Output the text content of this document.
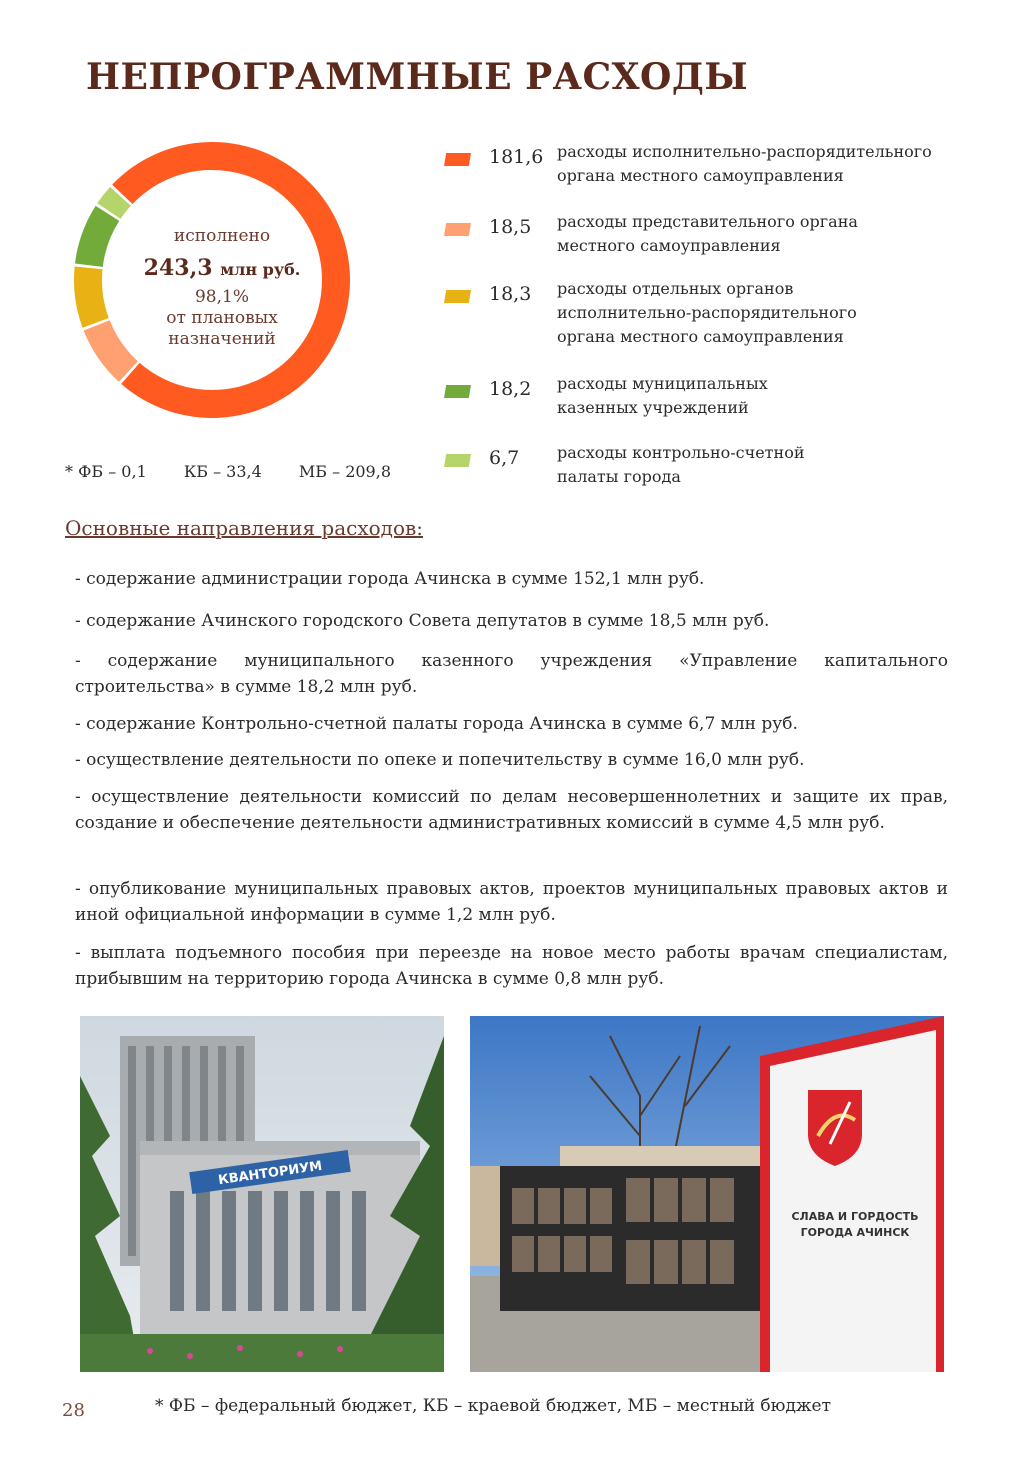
НЕПРОГРАММНЫЕ РАСХОДЫ
исполнено
243,3 млн руб.
98,1%
от плановых
назначений
* ФБ – 0,1 КБ – 33,4 МБ – 209,8
181,6 расходы исполнительно-распорядительного
органа местного самоуправления
18,5 расходы представительного органа
местного самоуправления
18,3 расходы отдельных органов
исполнительно-распорядительного
органа местного самоуправления
18,2 расходы муниципальных
казенных учреждений
6,7 расходы контрольно-счетной
палаты города
Основные направления расходов:
- содержание администрации города Ачинска в сумме 152,1 млн руб.
- содержание Ачинского городского Совета депутатов в сумме 18,5 млн руб.
- содержание муниципального казенного учреждения «Управление капитального строительства» в сумме 18,2 млн руб.
- содержание Контрольно-счетной палаты города Ачинска в сумме 6,7 млн руб.
- осуществление деятельности по опеке и попечительству в сумме 16,0 млн руб.
- осуществление деятельности комиссий по делам несовершеннолетних и защите их прав, создание и обеспечение деятельности административных комиссий в сумме 4,5 млн руб.
- опубликование муниципальных правовых актов, проектов муниципальных правовых актов и иной официальной информации в сумме 1,2 млн руб.
- выплата подъемного пособия при переезде на новое место работы врачам специалистам, прибывшим на территорию города Ачинска в сумме 0,8 млн руб.
КВАНТОРИУМ
СЛАВА И ГОРДОСТЬ
ГОРОДА АЧИНСК
28	* ФБ – федеральный бюджет, КБ – краевой бюджет, МБ – местный бюджет
